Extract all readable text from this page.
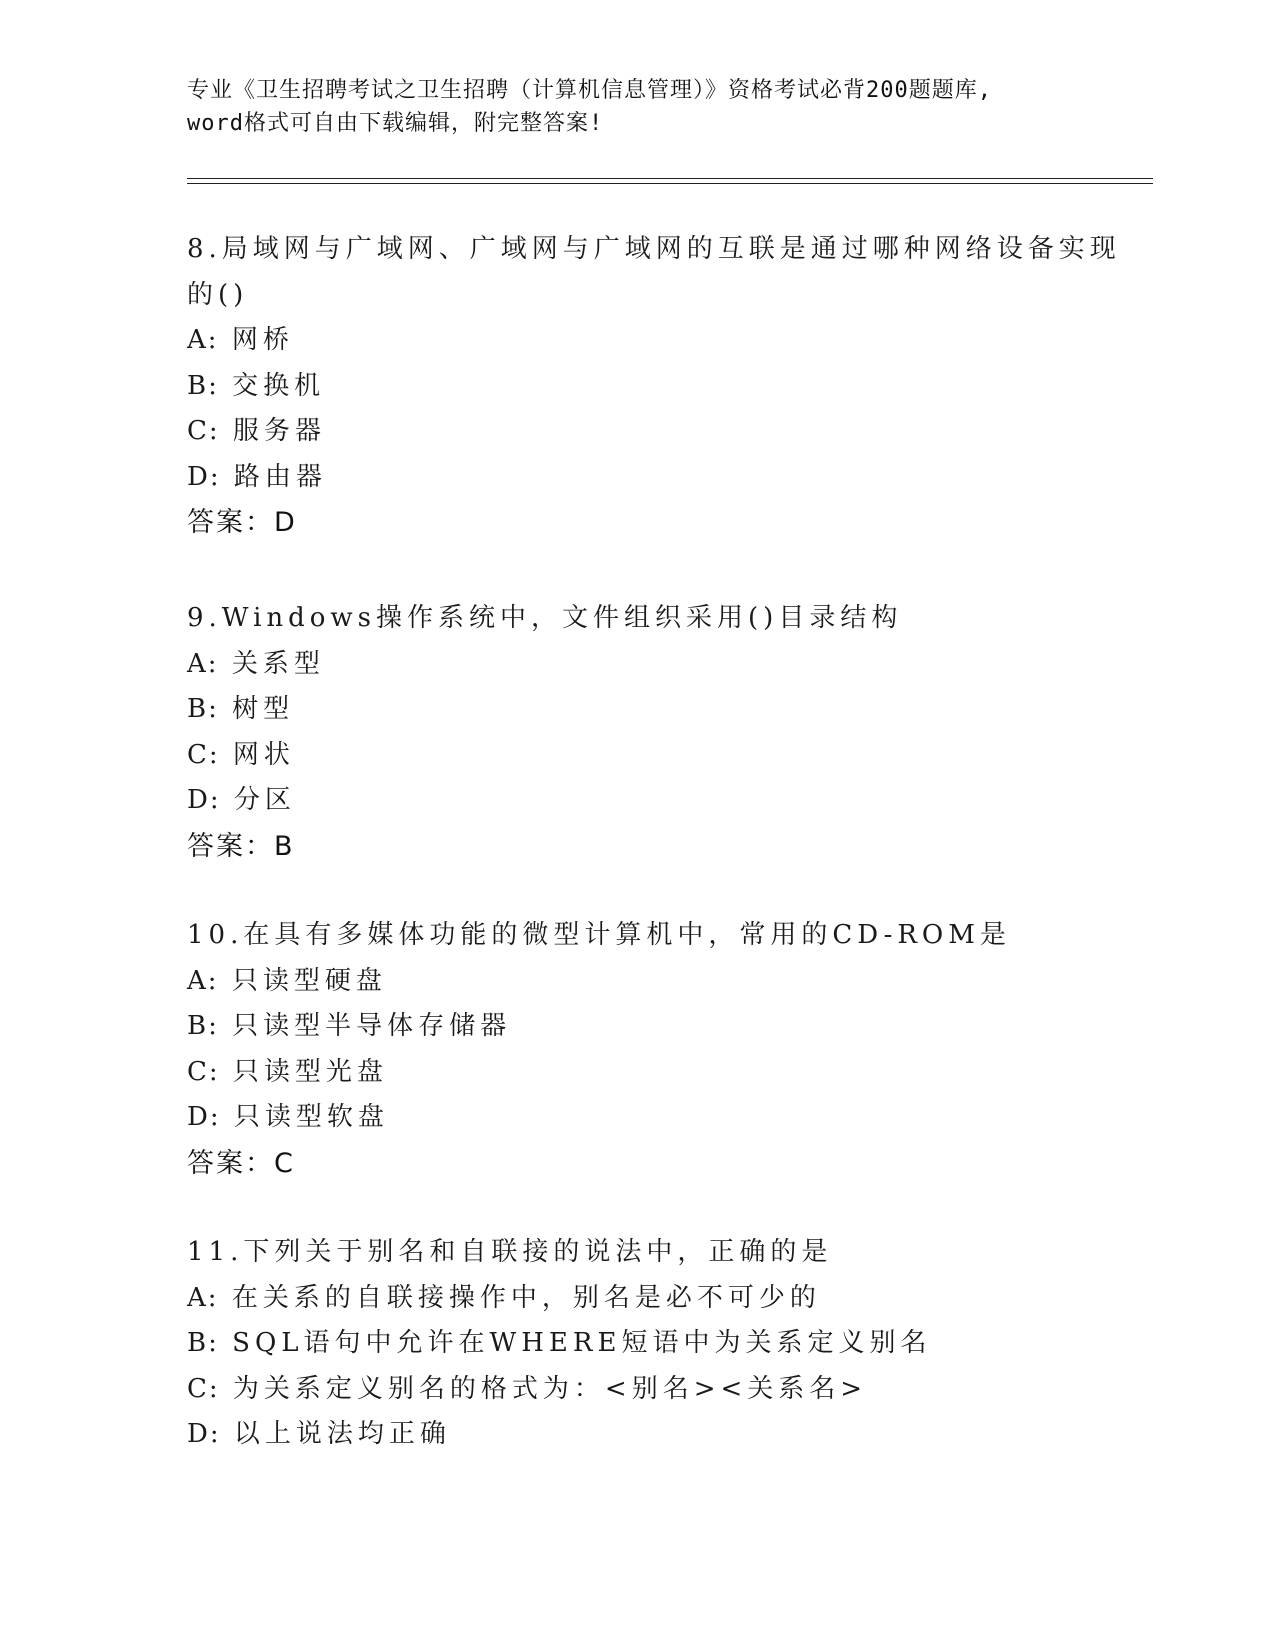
专业《卫生招聘考试之卫生招聘（计算机信息管理）》资格考试必背200题题库,
word格式可自由下载编辑，附完整答案!
8.局域网与广域网、广域网与广域网的互联是通过哪种网络设备实现
的()
A: 网桥
B: 交换机
C: 服务器
D: 路由器
答案：D
9.Windows操作系统中，文件组织采用()目录结构
A: 关系型
B: 树型
C: 网状
D: 分区
答案：B
10.在具有多媒体功能的微型计算机中，常用的CD-ROM是
A: 只读型硬盘
B: 只读型半导体存储器
C: 只读型光盘
D: 只读型软盘
答案：C
11.下列关于别名和自联接的说法中，正确的是
A: 在关系的自联接操作中，别名是必不可少的
B: SQL语句中允许在WHERE短语中为关系定义别名
C: 为关系定义别名的格式为：<别名><关系名>
D: 以上说法均正确
